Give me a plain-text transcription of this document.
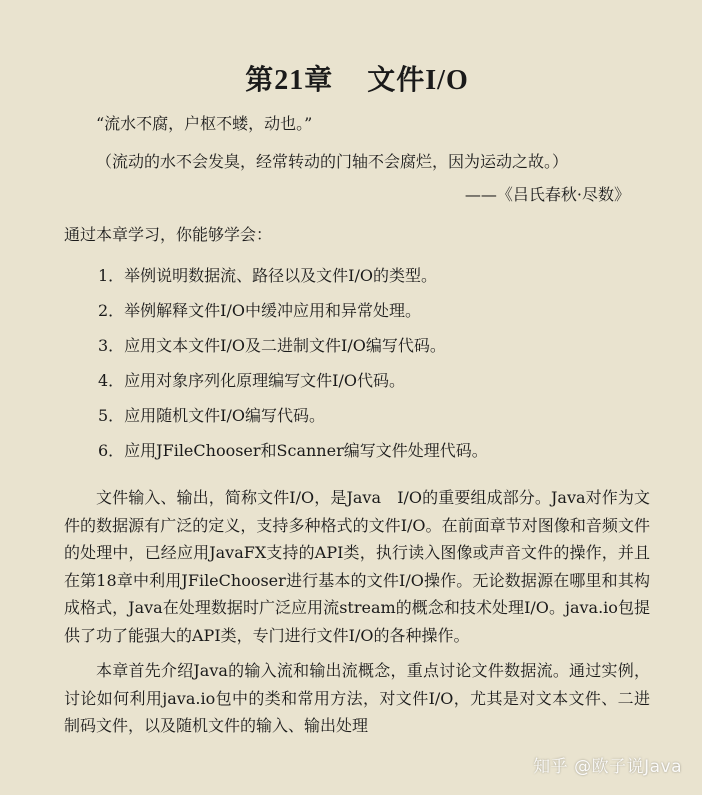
第21章 文件I/O

“流水不腐，户枢不蝼，动也。”

（流动的水不会发臭，经常转动的门轴不会腐烂，因为运动之故。）

——《吕氏春秋·尽数》

通过本章学习，你能够学会：

1．举例说明数据流、路径以及文件I/O的类型。
2．举例解释文件I/O中缓冲应用和异常处理。
3．应用文本文件I/O及二进制文件I/O编写代码。
4．应用对象序列化原理编写文件I/O代码。
5．应用随机文件I/O编写代码。
6．应用JFileChooser和Scanner编写文件处理代码。

文件输入、输出，简称文件I/O，是Java　I/O的重要组成部分。Java对作为文件的数据源有广泛的定义，支持多种格式的文件I/O。在前面章节对图像和音频文件的处理中，已经应用JavaFX支持的API类，执行读入图像或声音文件的操作，并且在第18章中利用JFileChooser进行基本的文件I/O操作。无论数据源在哪里和其构成格式，Java在处理数据时广泛应用流stream的概念和技术处理I/O。java.io包提供了功了能强大的API类，专门进行文件I/O的各种操作。

本章首先介绍Java的输入流和输出流概念，重点讨论文件数据流。通过实例，讨论如何利用java.io包中的类和常用方法，对文件I/O，尤其是对文本文件、二进制码文件，以及随机文件的输入、输出处理

知乎 @欧子说Java
